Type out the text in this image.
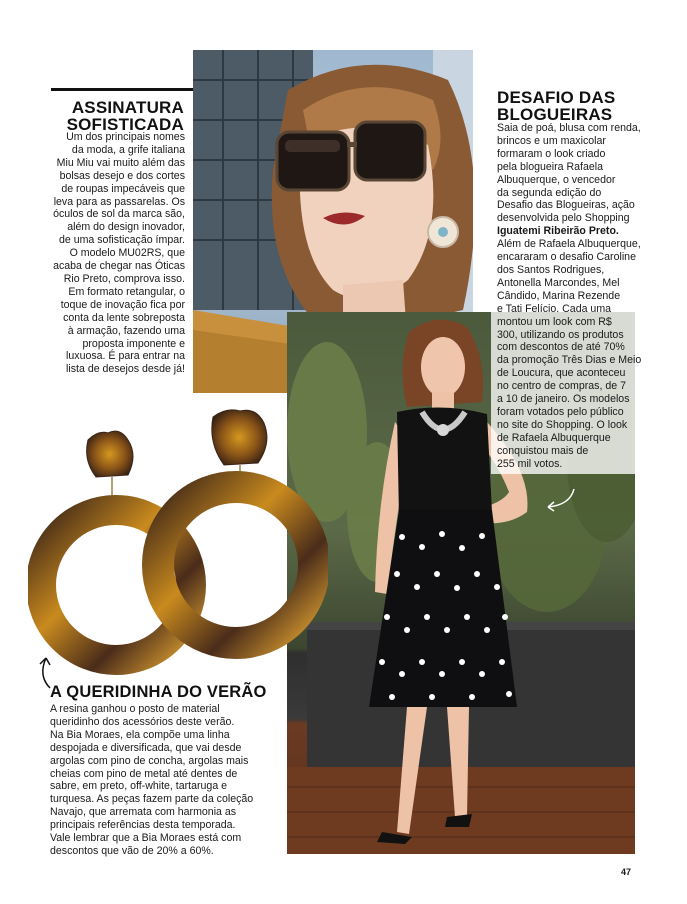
ASSINATURA
SOFISTICADA
Um dos principais nomes
da moda, a grife italiana
Miu Miu vai muito além das
bolsas desejo e dos cortes
de roupas impecáveis que
leva para as passarelas. Os
óculos de sol da marca são,
além do design inovador,
de uma sofisticação ímpar.
O modelo MU02RS, que
acaba de chegar nas Óticas
Rio Preto, comprova isso.
Em formato retangular, o
toque de inovação fica por
conta da lente sobreposta
à armação, fazendo uma
proposta imponente e
luxuosa. É para entrar na
lista de desejos desde já!
DESAFIO DAS
BLOGUEIRAS
Saia de poá, blusa com renda,
brincos e um maxicolar
formaram o look criado
pela blogueira Rafaela
Albuquerque, o vencedor
da segunda edição do
Desafio das Blogueiras, ação
desenvolvida pelo Shopping
Iguatemi Ribeirão Preto.
Além de Rafaela Albuquerque,
encararam o desafio Caroline
dos Santos Rodrigues,
Antonella Marcondes, Mel
Cândido, Marina Rezende
e Tati Felício. Cada uma
montou um look com R$
300, utilizando os produtos
com descontos de até 70%
da promoção Três Dias e Meio
de Loucura, que aconteceu
no centro de compras, de 7
a 10 de janeiro. Os modelos
foram votados pelo público
no site do Shopping. O look
de Rafaela Albuquerque
conquistou mais de
255 mil votos.
A QUERIDINHA DO VERÃO
A resina ganhou o posto de material
queridinho dos acessórios deste verão.
Na Bia Moraes, ela compõe uma linha
despojada e diversificada, que vai desde
argolas com pino de concha, argolas mais
cheias com pino de metal até dentes de
sabre, em preto, off-white, tartaruga e
turquesa. As peças fazem parte da coleção
Navajo, que arremata com harmonia as
principais referências desta temporada.
Vale lembrar que a Bia Moraes está com
descontos que vão de 20% a 60%.
47
